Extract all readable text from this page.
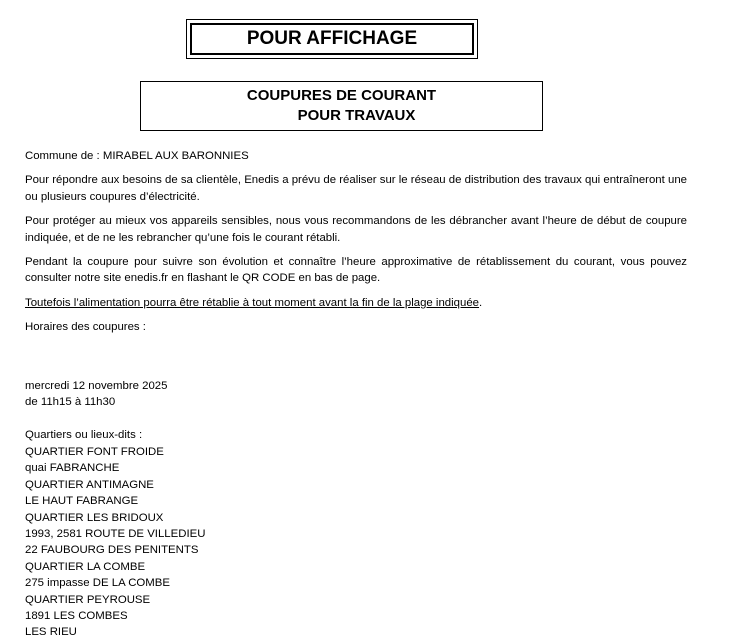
POUR AFFICHAGE
COUPURES DE COURANT
POUR TRAVAUX

Commune de : MIRABEL AUX BARONNIES

Pour répondre aux besoins de sa clientèle, Enedis a prévu de réaliser sur le réseau de distribution des travaux qui entraîneront une ou plusieurs coupures d’électricité.

Pour protéger au mieux vos appareils sensibles, nous vous recommandons de les débrancher avant l’heure de début de coupure indiquée, et de ne les rebrancher qu’une fois le courant rétabli.

Pendant la coupure pour suivre son évolution et connaître l’heure approximative de rétablissement du courant, vous pouvez consulter notre site enedis.fr en flashant le QR CODE en bas de page.

Toutefois l’alimentation pourra être rétablie à tout moment avant la fin de la plage indiquée.

Horaires des coupures :

mercredi 12 novembre 2025
de 11h15 à 11h30
Quartiers ou lieux-dits :
QUARTIER FONT FROIDE
quai FABRANCHE
QUARTIER ANTIMAGNE
LE HAUT FABRANGE
QUARTIER LES BRIDOUX
1993, 2581 ROUTE DE VILLEDIEU
22 FAUBOURG DES PENITENTS
QUARTIER LA COMBE
275 impasse DE LA COMBE
QUARTIER PEYROUSE
1891 LES COMBES
LES RIEU
